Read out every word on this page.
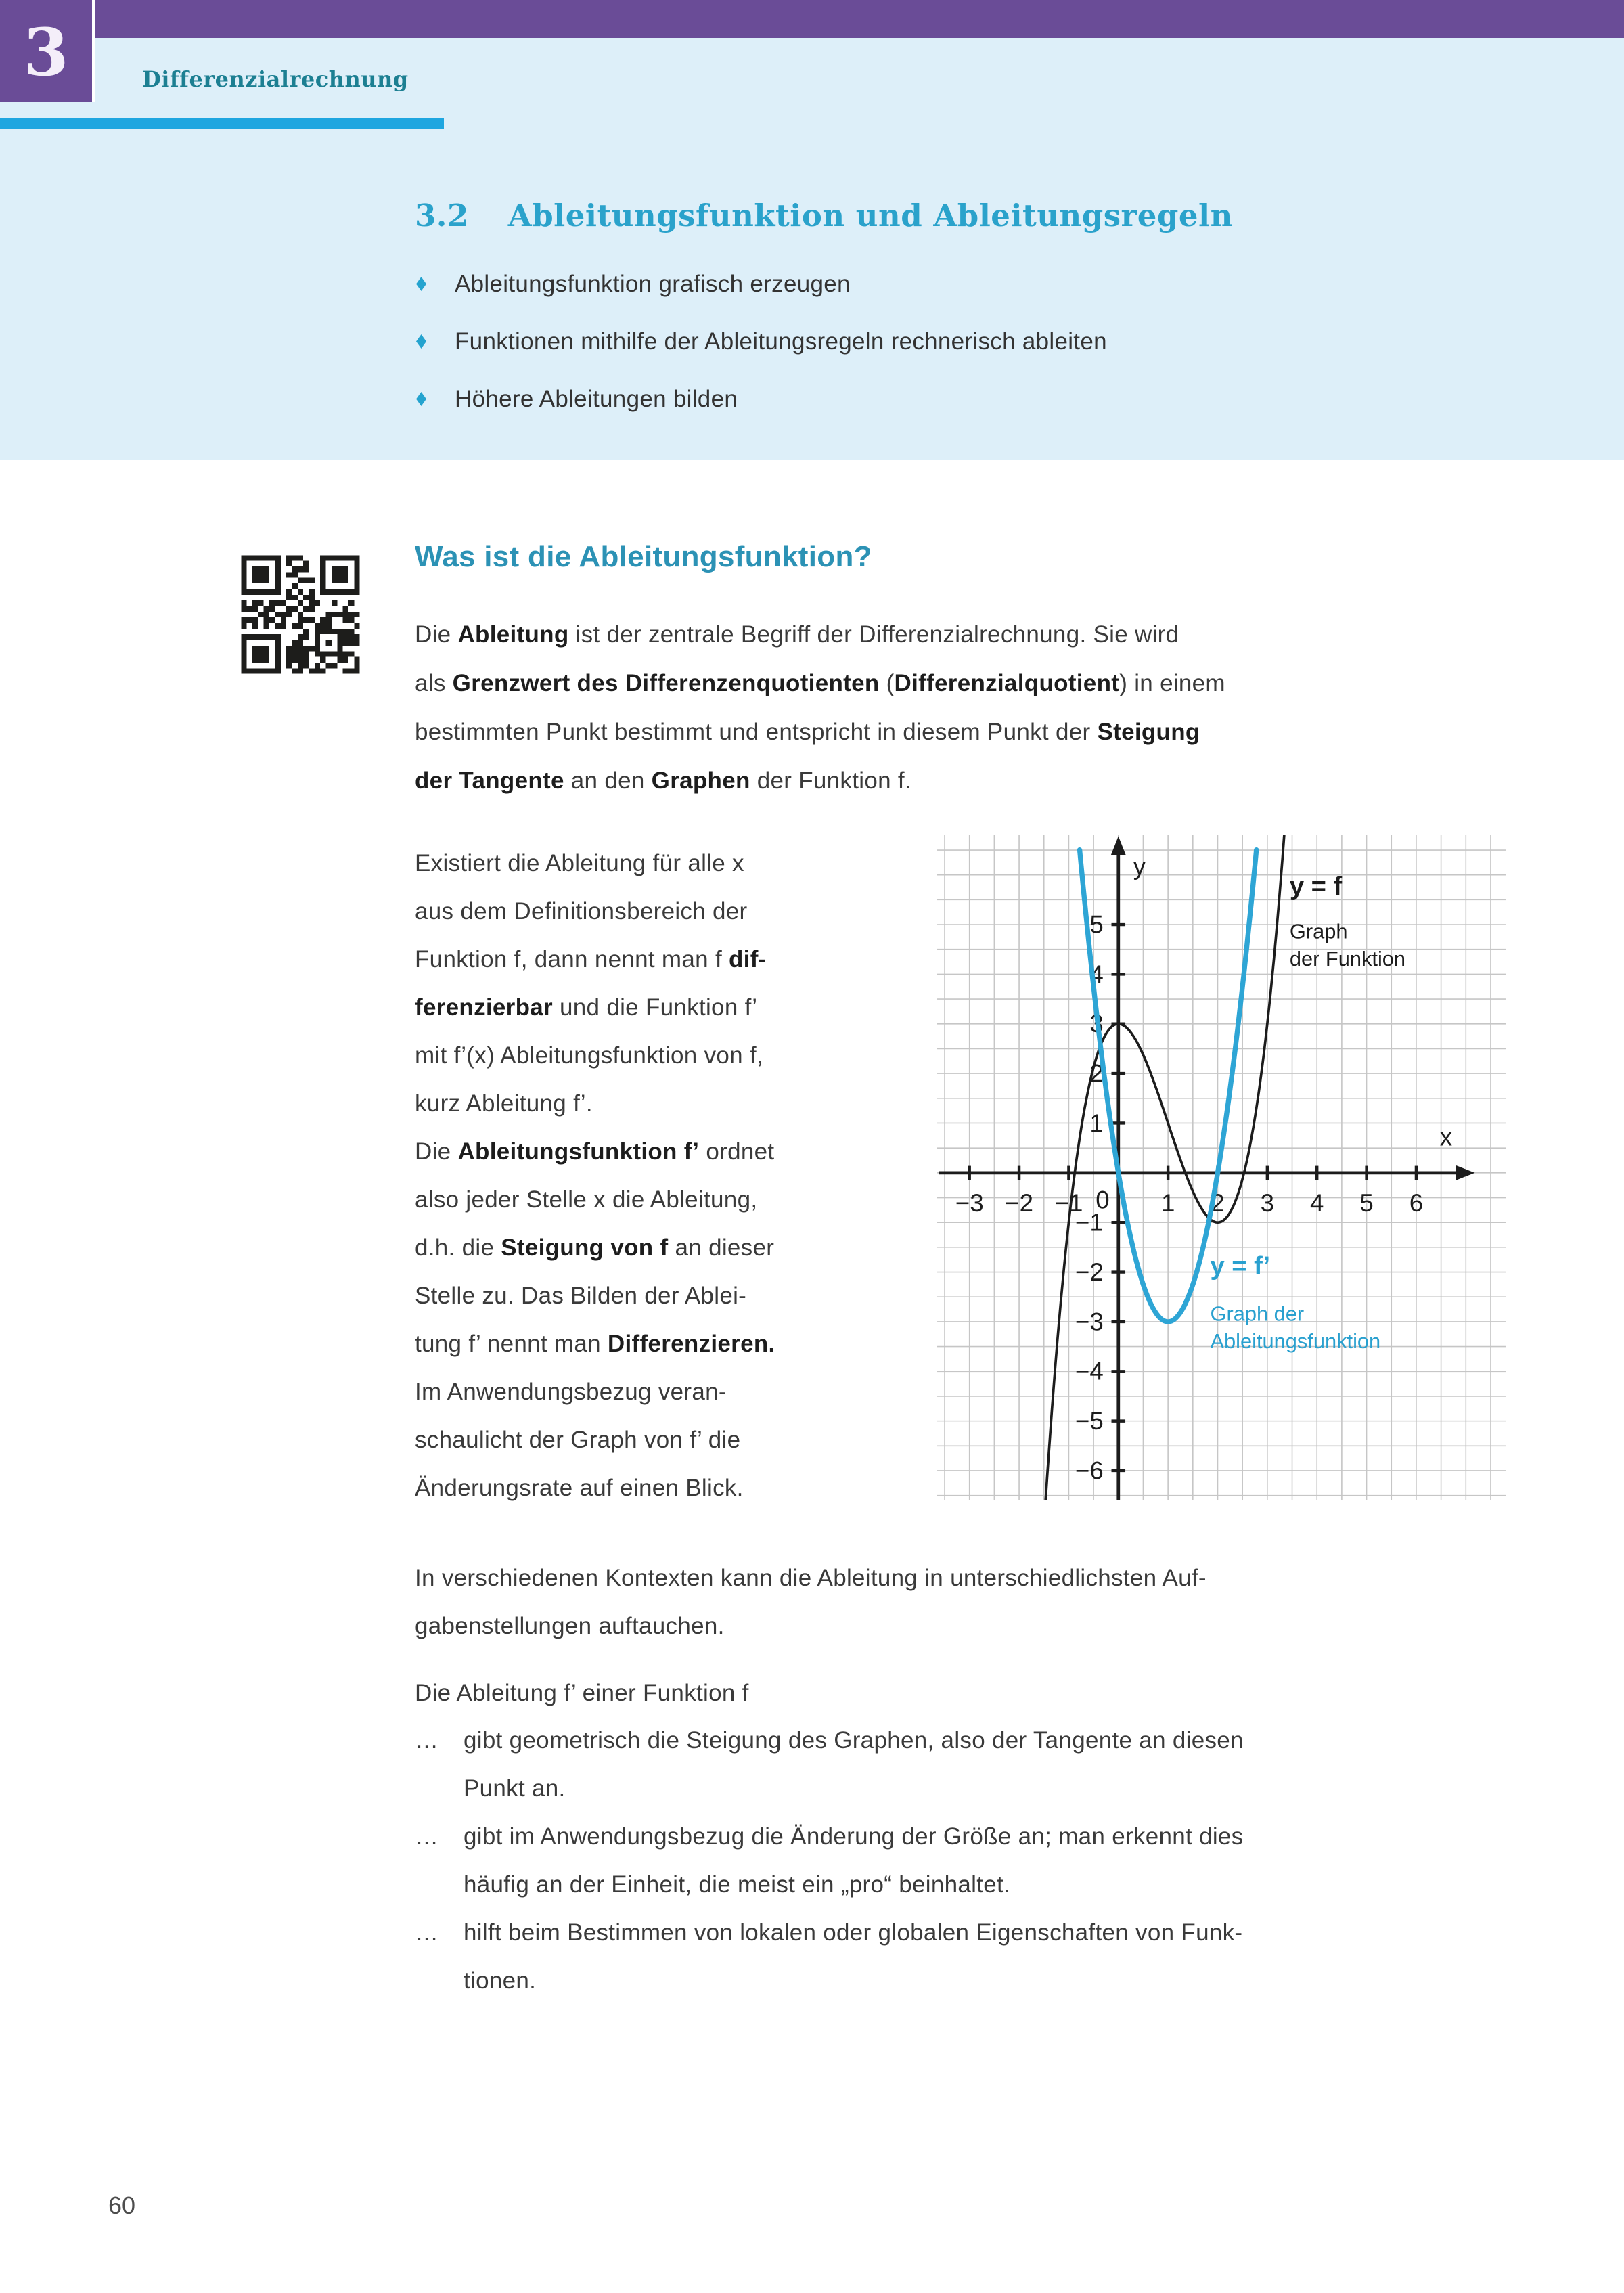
3	Differenzialrechnung
3.2 Ableitungsfunktion und Ableitungsregeln
Ableitungsfunktion grafisch erzeugen
Funktionen mithilfe der Ableitungsregeln rechnerisch ableiten
Höhere Ableitungen bilden
Was ist die Ableitungsfunktion?
Die Ableitung ist der zentrale Begriff der Differenzialrechnung. Sie wird
als Grenzwert des Differenzenquotienten (Differenzialquotient) in einem
bestimmten Punkt bestimmt und entspricht in diesem Punkt der Steigung
der Tangente an den Graphen der Funktion f.
Existiert die Ableitung für alle x
aus dem Definitionsbereich der
Funktion f, dann nennt man f dif-
ferenzierbar und die Funktion f’
mit f’(x) Ableitungsfunktion von f,
kurz Ableitung f’.
Die Ableitungsfunktion f’ ordnet
also jeder Stelle x die Ableitung,
d.h. die Steigung von f an dieser
Stelle zu. Das Bilden der Ablei-
tung f’ nennt man Differenzieren.
Im Anwendungsbezug veran-
schaulicht der Graph von f’ die
Änderungsrate auf einen Blick.
In verschiedenen Kontexten kann die Ableitung in unterschiedlichsten Auf-
gabenstellungen auftauchen.
Die Ableitung f’ einer Funktion f
…	gibt geometrisch die Steigung des Graphen, also der Tangente an diesen
Punkt an.
…	gibt im Anwendungsbezug die Änderung der Größe an; man erkennt dies
häufig an der Einheit, die meist ein „pro“ beinhaltet.
…	hilft beim Bestimmen von lokalen oder globalen Eigenschaften von Funk-
tionen.
60
